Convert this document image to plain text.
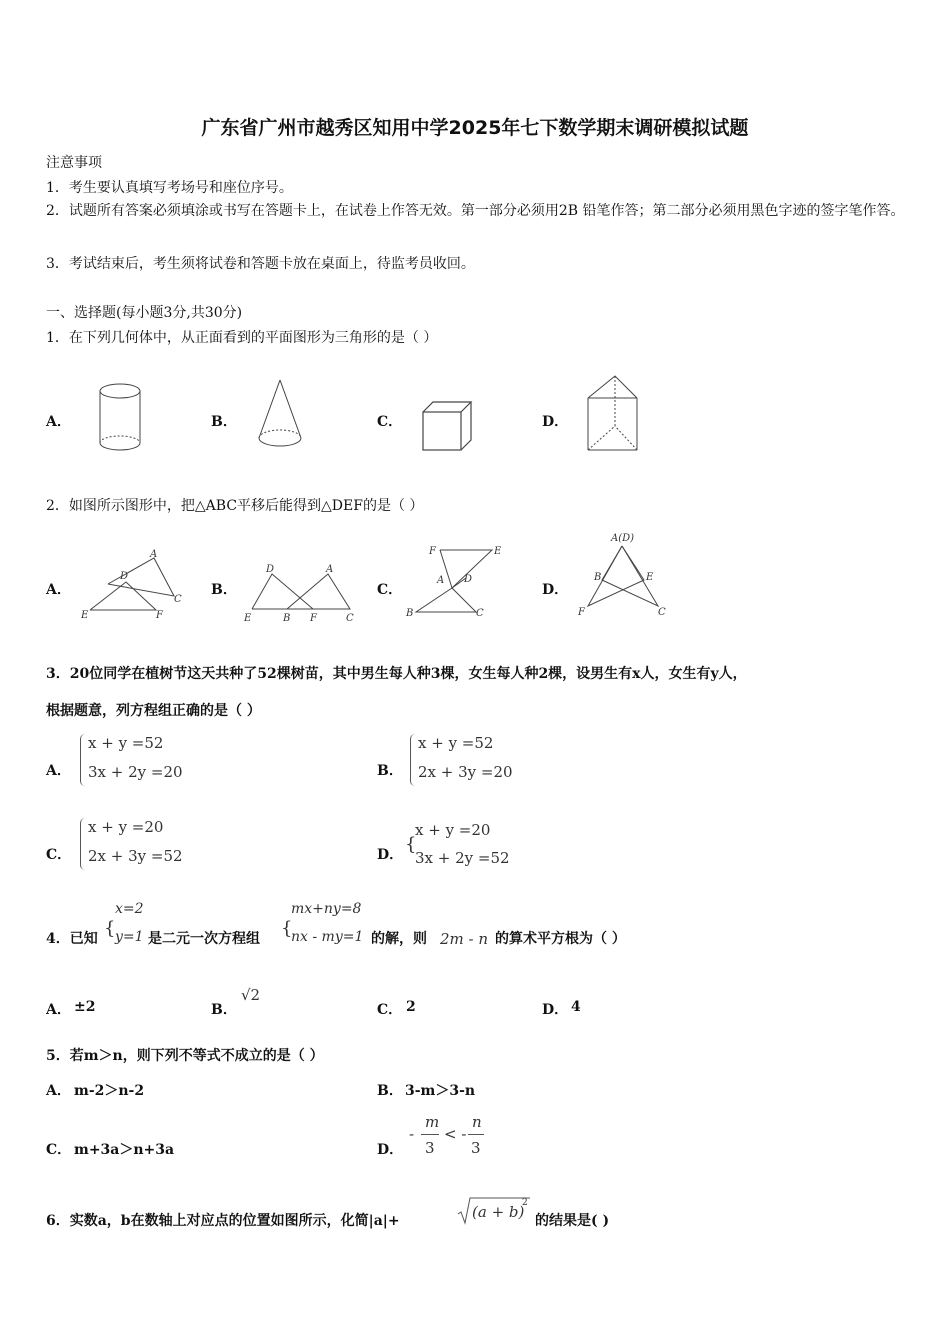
广东省广州市越秀区知用中学2025年七下数学期末调研模拟试题
注意事项
1．考生要认真填写考场号和座位序号。
2．试题所有答案必须填涂或书写在答题卡上，在试卷上作答无效。第一部分必须用2B 铅笔作答；第二部分必须用黑色字迹的签字笔作答。
3．考试结束后，考生须将试卷和答题卡放在桌面上，待监考员收回。
一、选择题(每小题3分,共30分)
1．在下列几何体中，从正面看到的平面图形为三角形的是（ ）
A．	B．	C．	D．
2．如图所示图形中，把△ABC平移后能得到△DEF的是（ ）
A．	B．	C．	D．
A
D
E	F
C
D	A
E	B F	C
F	E
A D
B	C
A(D)
B	E
F	C
3．20位同学在植树节这天共种了52棵树苗，其中男生每人种3棵，女生每人种2棵，设男生有x人，女生有y人，
根据题意，列方程组正确的是（ ）
A．
x + y =52
3x + 2y =20	B．
x + y =52
2x + 3y =20
C．
x + y =20
2x + 3y =52	D． {
x + y =20
3x + 2y =52
4．已知 {
x=2
y=1 是二元一次方程组 {
mx+ny=8
nx - my=1 的解，则 2m - n 的算术平方根为（ ）
A． ±2	B．
√2
C． 2	D． 4
5．若m＞n，则下列不等式不成立的是（ ）
A． m-2＞n-2	B． 3-m＞3-n
C． m+3a＞n+3a	D．
-
m
3
< -
n
3
6．实数a，b在数轴上对应点的位置如图所示，化简|a|+	(a + b)
2
的结果是( )
